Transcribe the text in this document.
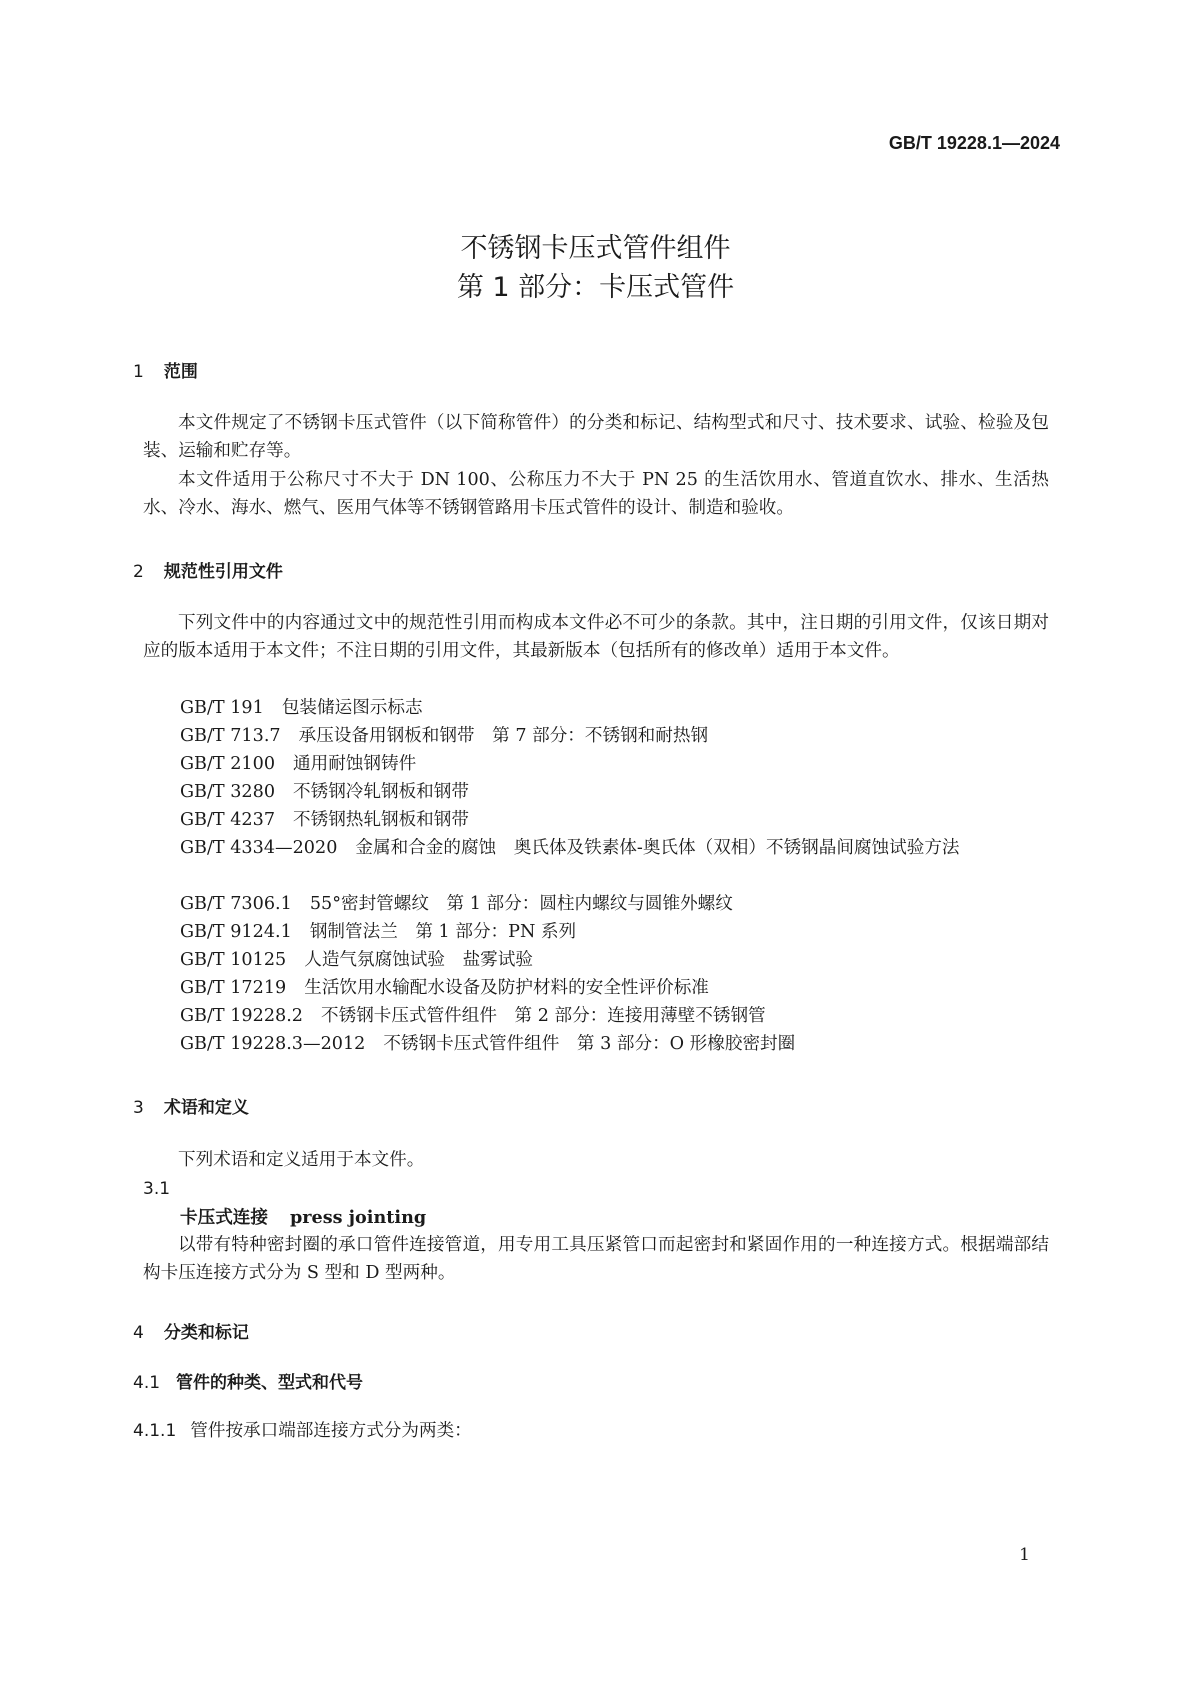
GB/T 19228.1—2024
不锈钢卡压式管件组件
第 1 部分：卡压式管件
1 范围
本文件规定了不锈钢卡压式管件（以下简称管件）的分类和标记、结构型式和尺寸、技术要求、试验、检验及包装、运输和贮存等。
本文件适用于公称尺寸不大于 DN 100、公称压力不大于 PN 25 的生活饮用水、管道直饮水、排水、生活热水、冷水、海水、燃气、医用气体等不锈钢管路用卡压式管件的设计、制造和验收。
2 规范性引用文件
下列文件中的内容通过文中的规范性引用而构成本文件必不可少的条款。其中，注日期的引用文件，仅该日期对应的版本适用于本文件；不注日期的引用文件，其最新版本（包括所有的修改单）适用于本文件。
GB/T 191 包装储运图示标志
GB/T 713.7 承压设备用钢板和钢带　第 7 部分：不锈钢和耐热钢
GB/T 2100 通用耐蚀钢铸件
GB/T 3280 不锈钢冷轧钢板和钢带
GB/T 4237 不锈钢热轧钢板和钢带
GB/T 4334—2020 金属和合金的腐蚀　奥氏体及铁素体-奥氏体（双相）不锈钢晶间腐蚀试验方法
GB/T 7306.1 55°密封管螺纹　第 1 部分：圆柱内螺纹与圆锥外螺纹
GB/T 9124.1 钢制管法兰　第 1 部分：PN 系列
GB/T 10125 人造气氛腐蚀试验　盐雾试验
GB/T 17219 生活饮用水输配水设备及防护材料的安全性评价标准
GB/T 19228.2 不锈钢卡压式管件组件　第 2 部分：连接用薄壁不锈钢管
GB/T 19228.3—2012 不锈钢卡压式管件组件　第 3 部分：O 形橡胶密封圈
3 术语和定义
下列术语和定义适用于本文件。
3.1
卡压式连接 press jointing
以带有特种密封圈的承口管件连接管道，用专用工具压紧管口而起密封和紧固作用的一种连接方式。根据端部结构卡压连接方式分为 S 型和 D 型两种。
4 分类和标记
4.1 管件的种类、型式和代号
4.1.1 管件按承口端部连接方式分为两类：
1
